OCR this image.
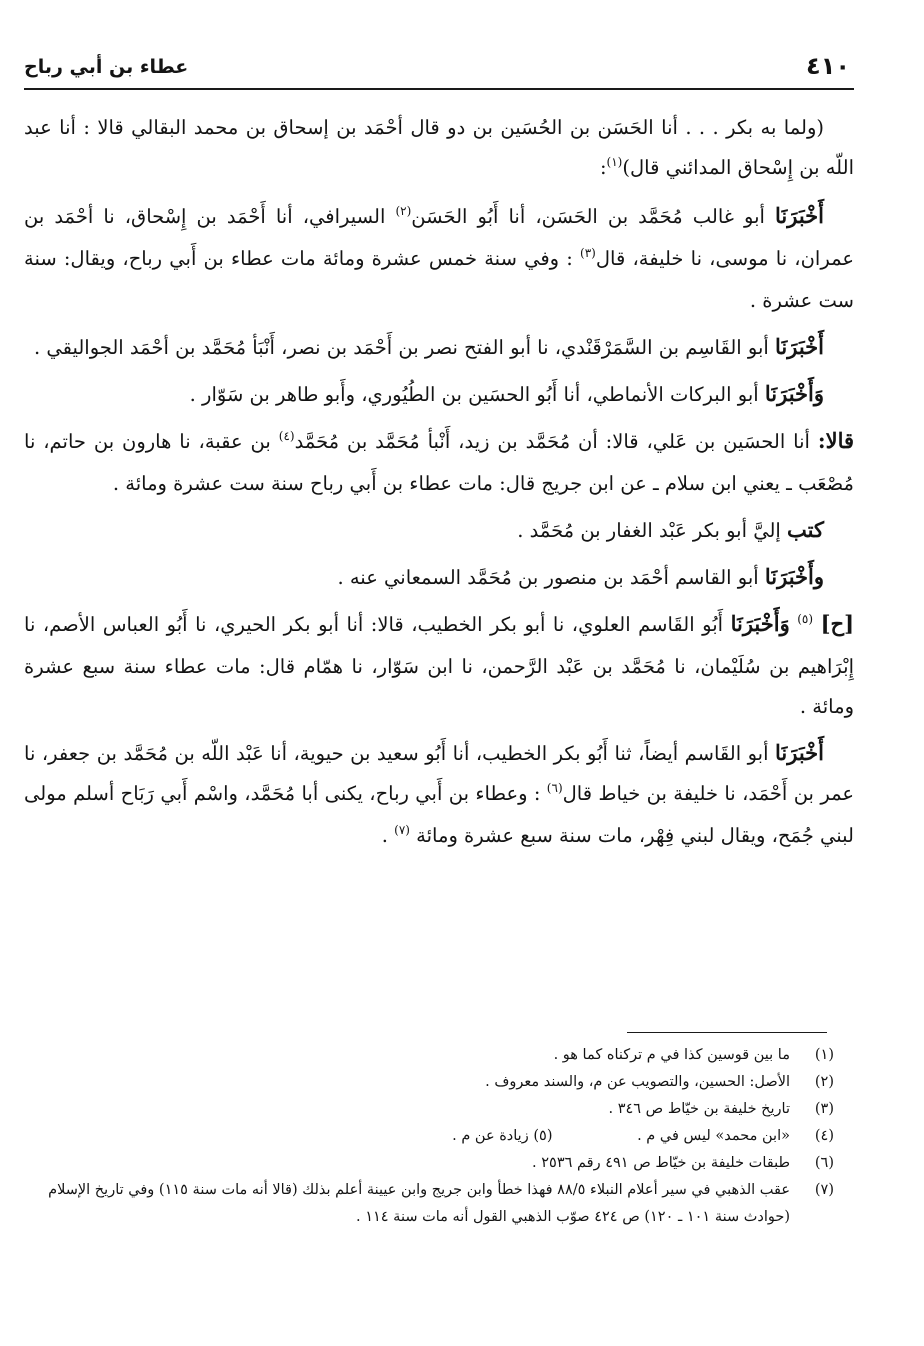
٤١٠
عطاء بن أبي رباح

(ولما به بكر . . . أنا الحَسَن بن الحُسَين بن دو قال أحْمَد بن إسحاق بن محمد البقالي قالا : أنا عبد اللّه بن إِسْحاق المدائني قال)$^{(١)}$:

أَخْبَرَنَا أبو غالب مُحَمَّد بن الحَسَن، أنا أَبُو الحَسَن$^{(٢)}$ السيرافي، أنا أَحْمَد بن إِسْحاق، نا أحْمَد بن عمران، نا موسى، نا خليفة، قال$^{(٣)}$ : وفي سنة خمس عشرة ومائة مات عطاء بن أَبي رباح، ويقال: سنة ست عشرة .

أَخْبَرَنَا أبو القَاسِم بن السَّمَرْقَنْدي، نا أبو الفتح نصر بن أَحْمَد بن نصر، أَنْبَأ مُحَمَّد بن أحْمَد الجواليقي .

وَأَخْبَرَنَا أبو البركات الأنماطي، أنا أَبُو الحسَين بن الطُيُوري، وأَبو طاهر بن سَوّار .

قالا: أنا الحسَين بن عَلي، قالا: أن مُحَمَّد بن زيد، أَنْبأ مُحَمَّد بن مُحَمَّد$^{(٤)}$ بن عقبة، نا هارون بن حاتم، نا مُصْعَب ـ يعني ابن سلام ـ عن ابن جريج قال: مات عطاء بن أَبي رباح سنة ست عشرة ومائة .

كتب إليَّ أبو بكر عَبْد الغفار بن مُحَمَّد .

وأَخْبَرَنَا أبو القاسم أحْمَد بن منصور بن مُحَمَّد السمعاني عنه .

[ح] $^{(٥)}$ وَأَخْبَرَنَا أَبُو القَاسم العلوي، نا أبو بكر الخطيب، قالا: أنا أبو بكر الحيري، نا أَبُو العباس الأصم، نا إِبْرَاهيم بن سُلَيْمان، نا مُحَمَّد بن عَبْد الرَّحمن، نا ابن سَوّار، نا همّام قال: مات عطاء سنة سبع عشرة ومائة .

أَخْبَرَنَا أبو القَاسم أيضاً، ثنا أَبُو بكر الخطيب، أنا أَبُو سعيد بن حيوية، أنا عَبْد اللّه بن مُحَمَّد بن جعفر، نا عمر بن أَحْمَد، نا خليفة بن خياط قال$^{(٦)}$ : وعطاء بن أَبي رباح، يكنى أبا مُحَمَّد، واسْم أَبي رَبَاح أسلم مولى لبني جُمَح، ويقال لبني فِهْر، مات سنة سبع عشرة ومائة $^{(٧)}$ .

(١)
ما بين قوسين كذا في م تركناه كما هو .
(٢)
الأصل: الحسين، والتصويب عن م، والسند معروف .
(٣)
تاريخ خليفة بن خيّاط ص ٣٤٦ .
(٤)
«ابن محمد» ليس في م . (٥) زيادة عن م .
(٦)
طبقات خليفة بن خيّاط ص ٤٩١ رقم ٢٥٣٦ .
(٧)
عقب الذهبي في سير أعلام النبلاء ٨٨/٥ فهذا خطأ وابن جريج وابن عيينة أعلم بذلك (قالا أنه مات سنة ١١٥) وفي تاريخ الإسلام (حوادث سنة ١٠١ ـ ١٢٠) ص ٤٢٤ صوّب الذهبي القول أنه مات سنة ١١٤ .
